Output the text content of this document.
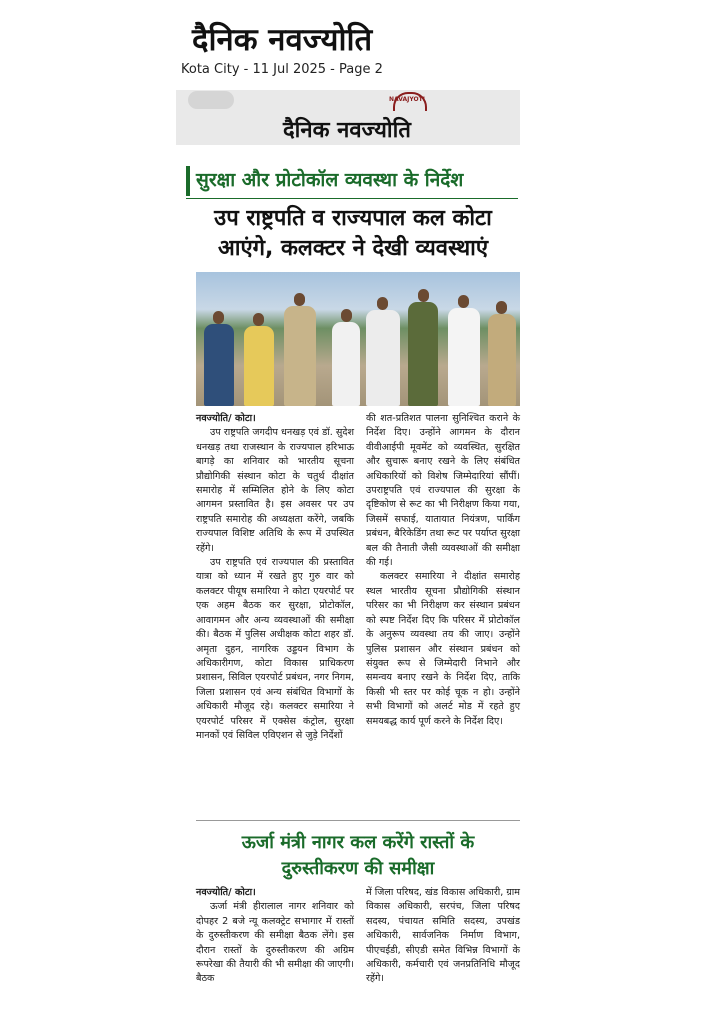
दैनिक नवज्योति
Kota City - 11 Jul 2025 - Page 2
NAVAJYOTI
दैनिक नवज्योति
सुरक्षा और प्रोटोकॉल व्यवस्था के निर्देश
उप राष्ट्रपति व राज्यपाल कल कोटा
आएंगे, कलक्टर ने देखी व्यवस्थाएं
नवज्योति/ कोटा।

उप राष्ट्रपति जगदीप धनखड़ एवं डॉ. सुदेश धनखड़ तथा राजस्थान के राज्यपाल हरिभाऊ बागड़े का शनिवार को भारतीय सूचना प्रौद्योगिकी संस्थान कोटा के चतुर्थ दीक्षांत समारोह में सम्मिलित होने के लिए कोटा आगमन प्रस्तावित है। इस अवसर पर उप राष्ट्रपति समारोह की अध्यक्षता करेंगे, जबकि राज्यपाल विशिष्ट अतिथि के रूप में उपस्थित रहेंगे।

उप राष्ट्रपति एवं राज्यपाल की प्रस्तावित यात्रा को ध्यान में रखते हुए गुरु वार को कलक्टर पीयूष समारिया ने कोटा एयरपोर्ट पर एक अहम बैठक कर सुरक्षा, प्रोटोकॉल, आवागमन और अन्य व्यवस्थाओं की समीक्षा की। बैठक में पुलिस अधीक्षक कोटा शहर डॉ. अमृता दुहन, नागरिक उड्डयन विभाग के अधिकारीगण, कोटा विकास प्राधिकरण प्रशासन, सिविल एयरपोर्ट प्रबंधन, नगर निगम, जिला प्रशासन एवं अन्य संबंधित विभागों के अधिकारी मौजूद रहे। कलक्टर समारिया ने एयरपोर्ट परिसर में एक्सेस कंट्रोल, सुरक्षा मानकों एवं सिविल एविएशन से जुड़े निर्देशों

की शत-प्रतिशत पालना सुनिश्चित कराने के निर्देश दिए। उन्होंने आगमन के दौरान वीवीआईपी मूवमेंट को व्यवस्थित, सुरक्षित और सुचारू बनाए रखने के लिए संबंधित अधिकारियों को विशेष जिम्मेदारियां सौंपीं। उपराष्ट्रपति एवं राज्यपाल की सुरक्षा के दृष्टिकोण से रूट का भी निरीक्षण किया गया, जिसमें सफाई, यातायात नियंत्रण, पार्किंग प्रबंधन, बैरिकेडिंग तथा रूट पर पर्याप्त सुरक्षा बल की तैनाती जैसी व्यवस्थाओं की समीक्षा की गई।

कलक्टर समारिया ने दीक्षांत समारोह स्थल भारतीय सूचना प्रौद्योगिकी संस्थान परिसर का भी निरीक्षण कर संस्थान प्रबंधन को स्पष्ट निर्देश दिए कि परिसर में प्रोटोकॉल के अनुरूप व्यवस्था तय की जाए। उन्होंने पुलिस प्रशासन और संस्थान प्रबंधन को संयुक्त रूप से जिम्मेदारी निभाने और समन्वय बनाए रखने के निर्देश दिए, ताकि किसी भी स्तर पर कोई चूक न हो। उन्होंने सभी विभागों को अलर्ट मोड में रहते हुए समयबद्ध कार्य पूर्ण करने के निर्देश दिए।

ऊर्जा मंत्री नागर कल करेंगे रास्तों के
दुरुस्तीकरण की समीक्षा
नवज्योति/ कोटा।

ऊर्जा मंत्री हीरालाल नागर शनिवार को दोपहर 2 बजे न्यू कलक्ट्रेट सभागार में रास्तों के दुरुस्तीकरण की समीक्षा बैठक लेंगे। इस दौरान रास्तों के दुरुस्तीकरण की अग्रिम रूपरेखा की तैयारी की भी समीक्षा की जाएगी। बैठक

में जिला परिषद, खंड विकास अधिकारी, ग्राम विकास अधिकारी, सरपंच, जिला परिषद सदस्य, पंचायत समिति सदस्य, उपखंड अधिकारी, सार्वजनिक निर्माण विभाग, पीएचईडी, सीएडी समेत विभिन्न विभागों के अधिकारी, कर्मचारी एवं जनप्रतिनिधि मौजूद रहेंगे।
